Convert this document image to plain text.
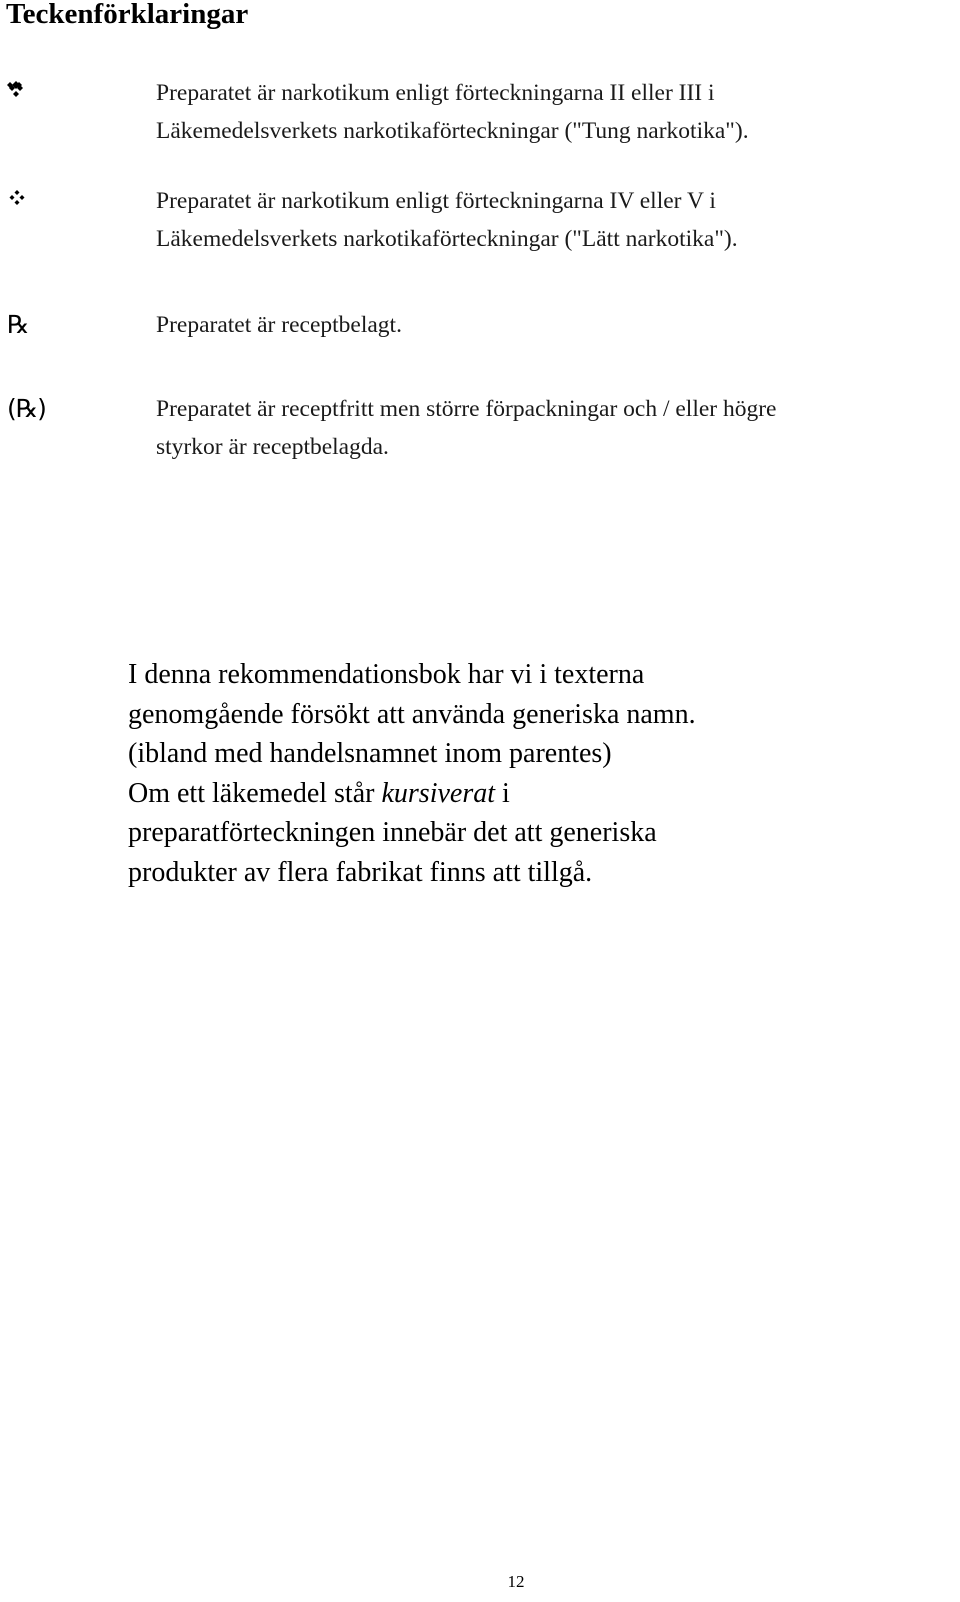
Teckenförklaringar
Preparatet är narkotikum enligt förteckningarna II eller III i
Läkemedelsverkets narkotikaförteckningar ("Tung narkotika").
Preparatet är narkotikum enligt förteckningarna IV eller V i
Läkemedelsverkets narkotikaförteckningar ("Lätt narkotika").
℞	Preparatet är receptbelagt.
(℞)	Preparatet är receptfritt men större förpackningar och / eller högre
styrkor är receptbelagda.
I denna rekommendationsbok har vi i texterna
genomgående försökt att använda generiska namn.
(ibland med handelsnamnet inom parentes)
Om ett läkemedel står kursiverat i
preparatförteckningen innebär det att generiska
produkter av flera fabrikat finns att tillgå.
12
